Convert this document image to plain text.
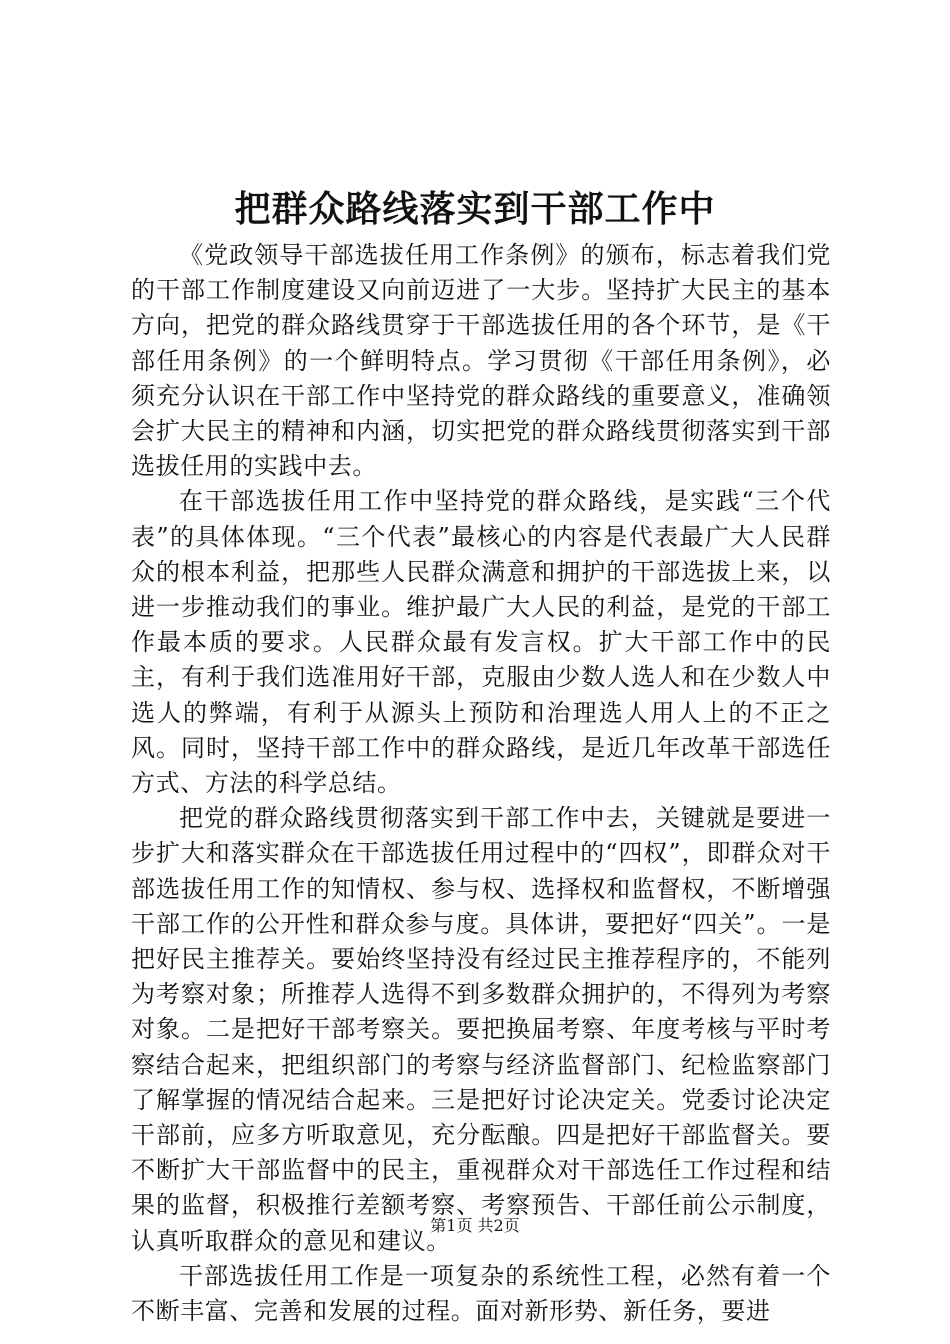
把群众路线落实到干部工作中

《党政领导干部选拔任用工作条例》的颁布，标志着我们党的干部工作制度建设又向前迈进了一大步。坚持扩大民主的基本方向，把党的群众路线贯穿于干部选拔任用的各个环节，是《干部任用条例》的一个鲜明特点。学习贯彻《干部任用条例》，必须充分认识在干部工作中坚持党的群众路线的重要意义，准确领会扩大民主的精神和内涵，切实把党的群众路线贯彻落实到干部选拔任用的实践中去。

在干部选拔任用工作中坚持党的群众路线，是实践“三个代表”的具体体现。“三个代表”最核心的内容是代表最广大人民群众的根本利益，把那些人民群众满意和拥护的干部选拔上来，以进一步推动我们的事业。维护最广大人民的利益，是党的干部工作最本质的要求。人民群众最有发言权。扩大干部工作中的民主，有利于我们选准用好干部，克服由少数人选人和在少数人中选人的弊端，有利于从源头上预防和治理选人用人上的不正之风。同时，坚持干部工作中的群众路线，是近几年改革干部选任方式、方法的科学总结。

把党的群众路线贯彻落实到干部工作中去，关键就是要进一步扩大和落实群众在干部选拔任用过程中的“四权”，即群众对干部选拔任用工作的知情权、参与权、选择权和监督权，不断增强干部工作的公开性和群众参与度。具体讲，要把好“四关”。一是把好民主推荐关。要始终坚持没有经过民主推荐程序的，不能列为考察对象；所推荐人选得不到多数群众拥护的，不得列为考察对象。二是把好干部考察关。要把换届考察、年度考核与平时考察结合起来，把组织部门的考察与经济监督部门、纪检监察部门了解掌握的情况结合起来。三是把好讨论决定关。党委讨论决定干部前，应多方听取意见，充分酝酿。四是把好干部监督关。要不断扩大干部监督中的民主，重视群众对干部选任工作过程和结果的监督，积极推行差额考察、考察预告、干部任前公示制度，认真听取群众的意见和建议。

干部选拔任用工作是一项复杂的系统性工程，必然有着一个不断丰富、完善和发展的过程。面对新形势、新任务，要进

第1页 共2页
